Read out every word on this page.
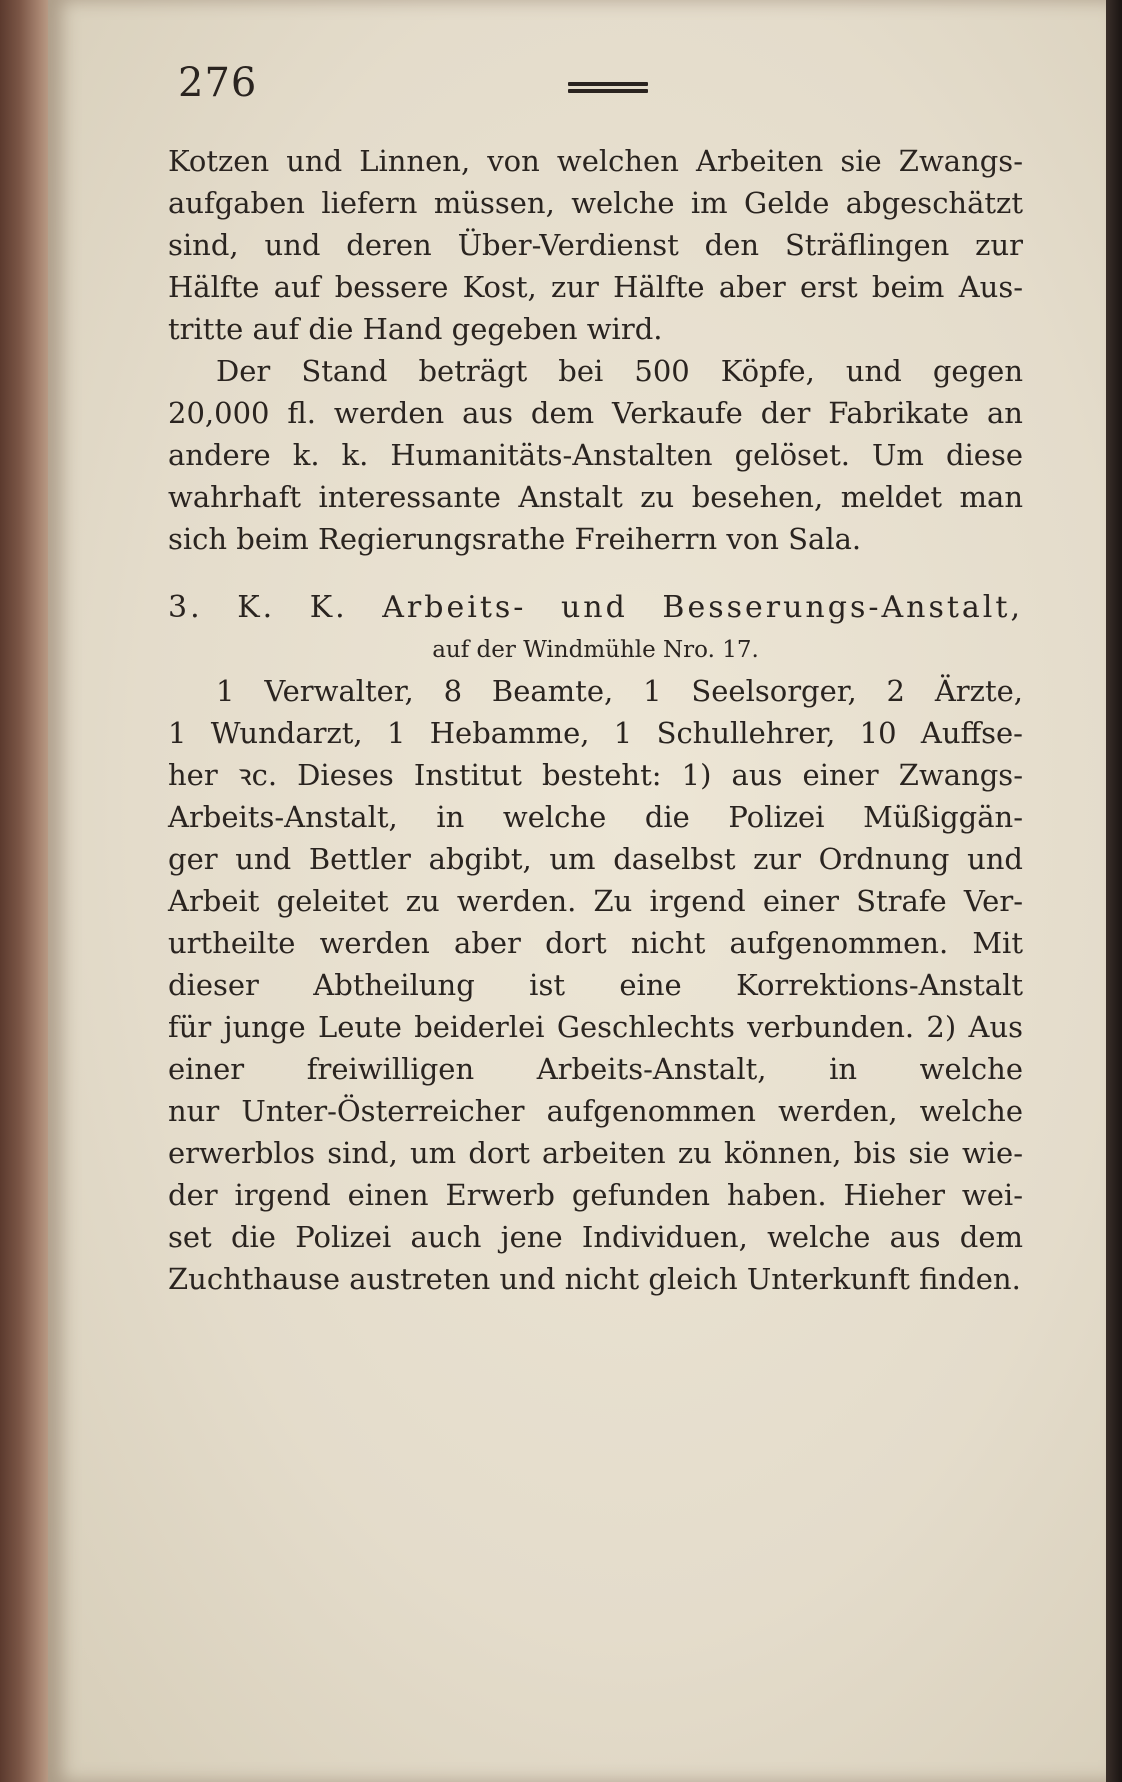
276
Kotzen und Linnen, von welchen Arbeiten sie Zwangs-
aufgaben liefern müssen, welche im Gelde abgeschätzt
sind, und deren Über-Verdienst den Sträflingen zur
Hälfte auf bessere Kost, zur Hälfte aber erst beim Aus-
tritte auf die Hand gegeben wird.
Der Stand beträgt bei 500 Köpfe, und gegen
20,000 fl. werden aus dem Verkaufe der Fabrikate an
andere k. k. Humanitäts-Anstalten gelöset. Um diese
wahrhaft interessante Anstalt zu besehen, meldet man
sich beim Regierungsrathe Freiherrn von Sala.
3. K. K. Arbeits- und Besserungs-Anstalt,
auf der Windmühle Nro. 17.
1 Verwalter, 8 Beamte, 1 Seelsorger, 2 Ärzte,
1 Wundarzt, 1 Hebamme, 1 Schullehrer, 10 Auffse-
her ꝛc. Dieses Institut besteht: 1) aus einer Zwangs-
Arbeits-Anstalt, in welche die Polizei Müßiggän-
ger und Bettler abgibt, um daselbst zur Ordnung und
Arbeit geleitet zu werden. Zu irgend einer Strafe Ver-
urtheilte werden aber dort nicht aufgenommen. Mit
dieser Abtheilung ist eine Korrektions-Anstalt
für junge Leute beiderlei Geschlechts verbunden. 2) Aus
einer freiwilligen Arbeits-Anstalt, in welche
nur Unter-Österreicher aufgenommen werden, welche
erwerblos sind, um dort arbeiten zu können, bis sie wie-
der irgend einen Erwerb gefunden haben. Hieher wei-
set die Polizei auch jene Individuen, welche aus dem
Zuchthause austreten und nicht gleich Unterkunft finden.
